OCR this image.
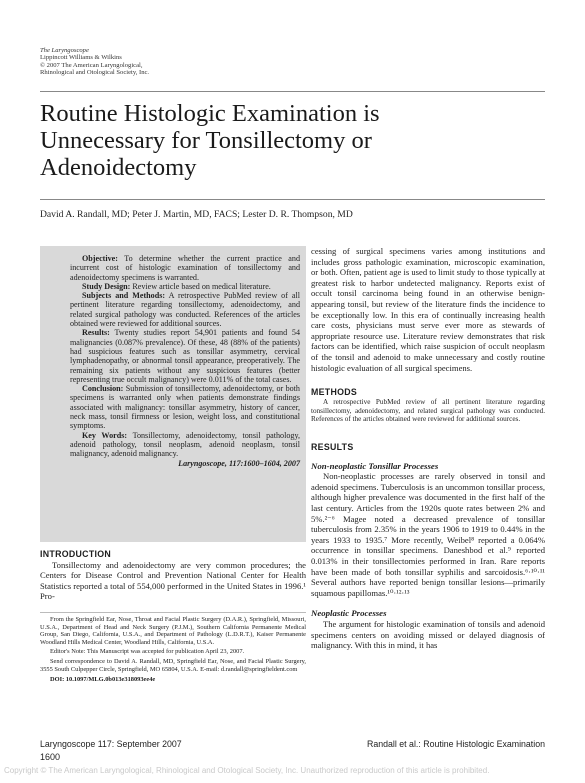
The Laryngoscope
Lippincott Williams & Wilkins
© 2007 The American Laryngological,
Rhinological and Otological Society, Inc.
Routine Histologic Examination is Unnecessary for Tonsillectomy or Adenoidectomy
David A. Randall, MD; Peter J. Martin, MD, FACS; Lester D. R. Thompson, MD

Objective: To determine whether the current practice and incurrent cost of histologic examination of tonsillectomy and adenoidectomy specimens is warranted.

Study Design: Review article based on medical literature.

Subjects and Methods: A retrospective PubMed review of all pertinent literature regarding tonsillectomy, adenoidectomy, and related surgical pathology was conducted. References of the articles obtained were reviewed for additional sources.

Results: Twenty studies report 54,901 patients and found 54 malignancies (0.087% prevalence). Of these, 48 (88% of the patients) had suspicious features such as tonsillar asymmetry, cervical lymphadenopathy, or abnormal tonsil appearance, preoperatively. The remaining six patients without any suspicious features (better representing true occult malignancy) were 0.011% of the total cases.

Conclusion: Submission of tonsillectomy, adenoidectomy, or both specimens is warranted only when patients demonstrate findings associated with malignancy: tonsillar asymmetry, history of cancer, neck mass, tonsil firmness or lesion, weight loss, and constitutional symptoms.

Key Words: Tonsillectomy, adenoidectomy, tonsil pathology, adenoid pathology, tonsil neoplasm, adenoid neoplasm, tonsil malignancy, adenoid malignancy.

Laryngoscope, 117:1600–1604, 2007

INTRODUCTION

Tonsillectomy and adenoidectomy are very common procedures; the Centers for Disease Control and Prevention National Center for Health Statistics reported a total of 554,000 performed in the United States in 1996.¹ Pro-

From the Springfield Ear, Nose, Throat and Facial Plastic Surgery (D.A.R.), Springfield, Missouri, U.S.A., Department of Head and Neck Surgery (P.J.M.), Southern California Permanente Medical Group, San Diego, California, U.S.A., and Department of Pathology (L.D.R.T.), Kaiser Permanente Woodland Hills Medical Center, Woodland Hills, California, U.S.A.

Editor's Note: This Manuscript was accepted for publication April 23, 2007.

Send correspondence to David A. Randall, MD, Springfield Ear, Nose, and Facial Plastic Surgery, 3555 South Culpepper Circle, Springfield, MO 65804, U.S.A. E-mail: d.randall@springfieldent.com

DOI: 10.1097/MLG.0b013e318093ee4e

cessing of surgical specimens varies among institutions and includes gross pathologic examination, microscopic examination, or both. Often, patient age is used to limit study to those typically at greatest risk to harbor undetected malignancy. Reports exist of occult tonsil carcinoma being found in an otherwise benign-appearing tonsil, but review of the literature finds the incidence to be exceptionally low. In this era of continually increasing health care costs, physicians must serve ever more as stewards of appropriate resource use. Literature review demonstrates that risk factors can be identified, which raise suspicion of occult neoplasm of the tonsil and adenoid to make unnecessary and costly routine histologic evaluation of all surgical specimens.

METHODS

A retrospective PubMed review of all pertinent literature regarding tonsillectomy, adenoidectomy, and related surgical pathology was conducted. References of the articles obtained were reviewed for additional sources.

RESULTS
Non-neoplastic Tonsillar Processes

Non-neoplastic processes are rarely observed in tonsil and adenoid specimens. Tuberculosis is an uncommon tonsillar process, although higher prevalence was documented in the first half of the last century. Articles from the 1920s quote rates between 2% and 5%.²⁻⁶ Magee noted a decreased prevalence of tonsillar tuberculosis from 2.35% in the years 1906 to 1919 to 0.44% in the years 1933 to 1935.⁷ More recently, Weibel⁸ reported a 0.064% occurrence in tonsillar specimens. Daneshbod et al.⁹ reported 0.013% in their tonsillectomies performed in Iran. Rare reports have been made of both tonsillar syphilis and sarcoidosis.⁶·¹⁰·¹¹ Several authors have reported benign tonsillar lesions—primarily squamous papillomas.¹⁰·¹²·¹³

Neoplastic Processes

The argument for histologic examination of tonsils and adenoid specimens centers on avoiding missed or delayed diagnosis of malignancy. With this in mind, it has

Laryngoscope 117: September 2007	Randall et al.: Routine Histologic Examination
1600
Copyright © The American Laryngological, Rhinological and Otological Society, Inc. Unauthorized reproduction of this article is prohibited.
